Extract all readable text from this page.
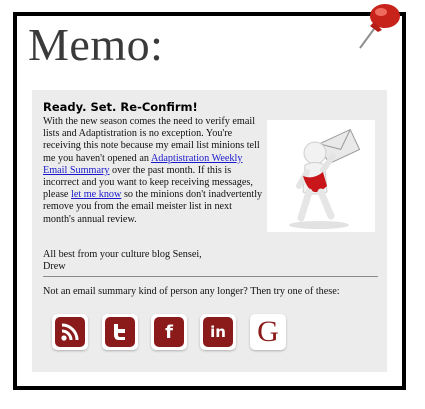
Memo:
Ready. Set. Re-Confirm!
With the new season comes the need to verify email lists and Adaptistration is no exception. You're receiving this note because my email list minions tell me you haven't opened an Adaptistration Weekly Email Summary over the past month. If this is incorrect and you want to keep receiving messages, please let me know so the minions don't inadvertently remove you from the email meister list in next month's annual review.
All best from your culture blog Sensei,
Drew
Not an email summary kind of person any longer? Then try one of these:
f	in G
